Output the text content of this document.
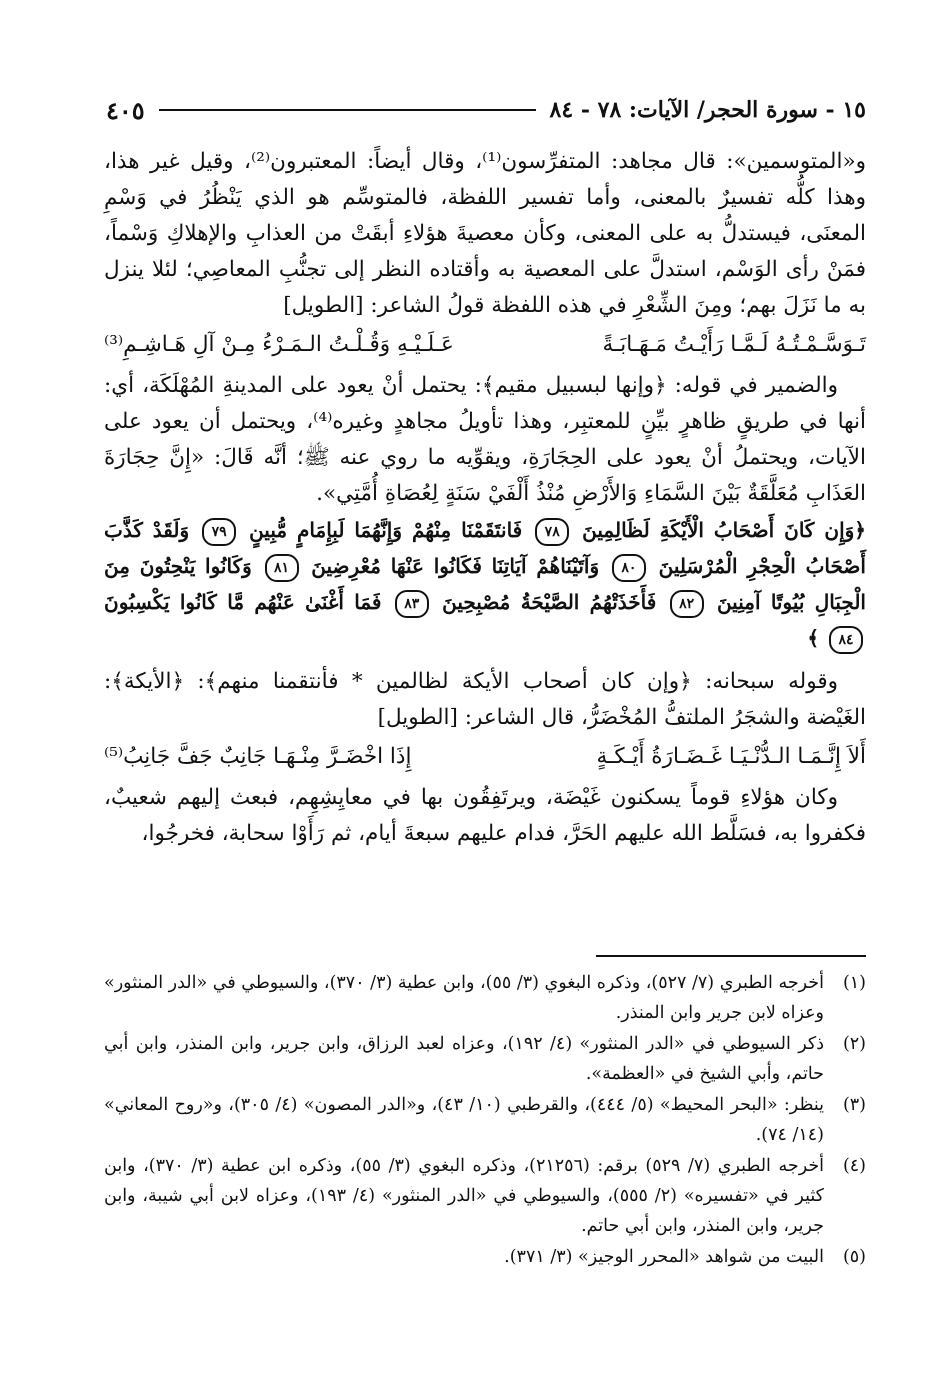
١٥ - سورة الحجر/ الآيات: ٧٨ - ٨٤
٤٠٥

و«المتوسمين»: قال مجاهد: المتفرِّسون⁽¹⁾، وقال أيضاً: المعتبرون⁽²⁾، وقيل غير هذا، وهذا كلُّه تفسيرٌ بالمعنى، وأما تفسير اللفظة، فالمتوسِّم هو الذي يَنْظُرُ في وَسْمِ المعنَى، فيستدلُّ به على المعنى، وكأن معصيةَ هؤلاءِ أبقَتْ من العذابِ والإهلاكِ وَسْماً، فمَنْ رأى الوَسْم، استدلَّ على المعصية به وأقتاده النظر إلى تجنُّبِ المعاصِي؛ لئلا ينزل به ما نَزَلَ بهم؛ ومِنَ الشِّعْرِ في هذه اللفظة قولُ الشاعر: [الطويل]

تَـوَسَّـمْـتُـهُ لَـمَّـا رَأَيْـتُ مَـهَـابَـةً
عَـلَـيْـهِ وَقُـلْـتُ الـمَـرْءُ مِـنْ آلِ هَـاشِـمِ⁽³⁾

والضمير في قوله: ﴿وإنها لبسبيل مقيم﴾: يحتمل أنْ يعود على المدينةِ المُهْلَكَة، أي: أنها في طريقٍ ظاهرٍ بيِّنٍ للمعتبِر، وهذا تأويلُ مجاهدٍ وغيره⁽⁴⁾، ويحتمل أن يعود على الآيات، ويحتملُ أنْ يعود على الحِجَارَةِ، ويقوِّيه ما روي عنه ﷺ؛ أنَّه قَالَ: «إِنَّ حِجَارَةَ العَذَابِ مُعَلَّقَةٌ بَيْنَ السَّمَاءِ وَالأَرْضِ مُنْذُ أَلْفَيْ سَنَةٍ لِعُصَاةِ أُمَّتِي».

﴿وَإِن كَانَ أَصْحَابُ الْأَيْكَةِ لَظَالِمِينَ ٧٨ فَانتَقَمْنَا مِنْهُمْ وَإِنَّهُمَا لَبِإِمَامٍ مُّبِينٍ ٧٩ وَلَقَدْ كَذَّبَ أَصْحَابُ الْحِجْرِ الْمُرْسَلِينَ ٨٠ وَآتَيْنَاهُمْ آيَاتِنَا فَكَانُوا عَنْهَا مُعْرِضِينَ ٨١ وَكَانُوا يَنْحِتُونَ مِنَ الْجِبَالِ بُيُوتًا آمِنِينَ ٨٢ فَأَخَذَتْهُمُ الصَّيْحَةُ مُصْبِحِينَ ٨٣ فَمَا أَغْنَىٰ عَنْهُم مَّا كَانُوا يَكْسِبُونَ ٨٤ ﴾

وقوله سبحانه: ﴿وإن كان أصحاب الأيكة لظالمين * فأنتقمنا منهم﴾: ﴿الأيكة﴾: الغَيْضة والشجَرُ الملتفُّ المُخْضَرُّ، قال الشاعر: [الطويل]

أَلاَ إِنَّـمَـا الـدُّنْـيَـا غَـضَـارَةُ أَيْـكَـةٍ
إِذَا اخْضَـرَّ مِنْـهَـا جَانِبٌ جَفَّ جَانِبُ⁽⁵⁾

وكان هؤلاءِ قوماً يسكنون غَيْضَة، ويرتَفِقُون بها في معايِشِهِم، فبعث إليهم شعيبٌ، فكفروا به، فسَلَّط الله عليهم الحَرَّ، فدام عليهم سبعةَ أيام، ثم رَأَوْا سحابة، فخرجُوا،

(١)
أخرجه الطبري (٧/ ٥٢٧)، وذكره البغوي (٣/ ٥٥)، وابن عطية (٣/ ٣٧٠)، والسيوطي في «الدر المنثور» وعزاه لابن جرير وابن المنذر.
(٢)
ذكر السيوطي في «الدر المنثور» (٤/ ١٩٢)، وعزاه لعبد الرزاق، وابن جرير، وابن المنذر، وابن أبي حاتم، وأبي الشيخ في «العظمة».
(٣)
ينظر: «البحر المحيط» (٥/ ٤٤٤)، والقرطبي (١٠/ ٤٣)، و«الدر المصون» (٤/ ٣٠٥)، و«روح المعاني» (١٤/ ٧٤).
(٤)
أخرجه الطبري (٧/ ٥٢٩) برقم: (٢١٢٥٦)، وذكره البغوي (٣/ ٥٥)، وذكره ابن عطية (٣/ ٣٧٠)، وابن كثير في «تفسيره» (٢/ ٥٥٥)، والسيوطي في «الدر المنثور» (٤/ ١٩٣)، وعزاه لابن أبي شيبة، وابن جرير، وابن المنذر، وابن أبي حاتم.
(٥)
البيت من شواهد «المحرر الوجيز» (٣/ ٣٧١).
